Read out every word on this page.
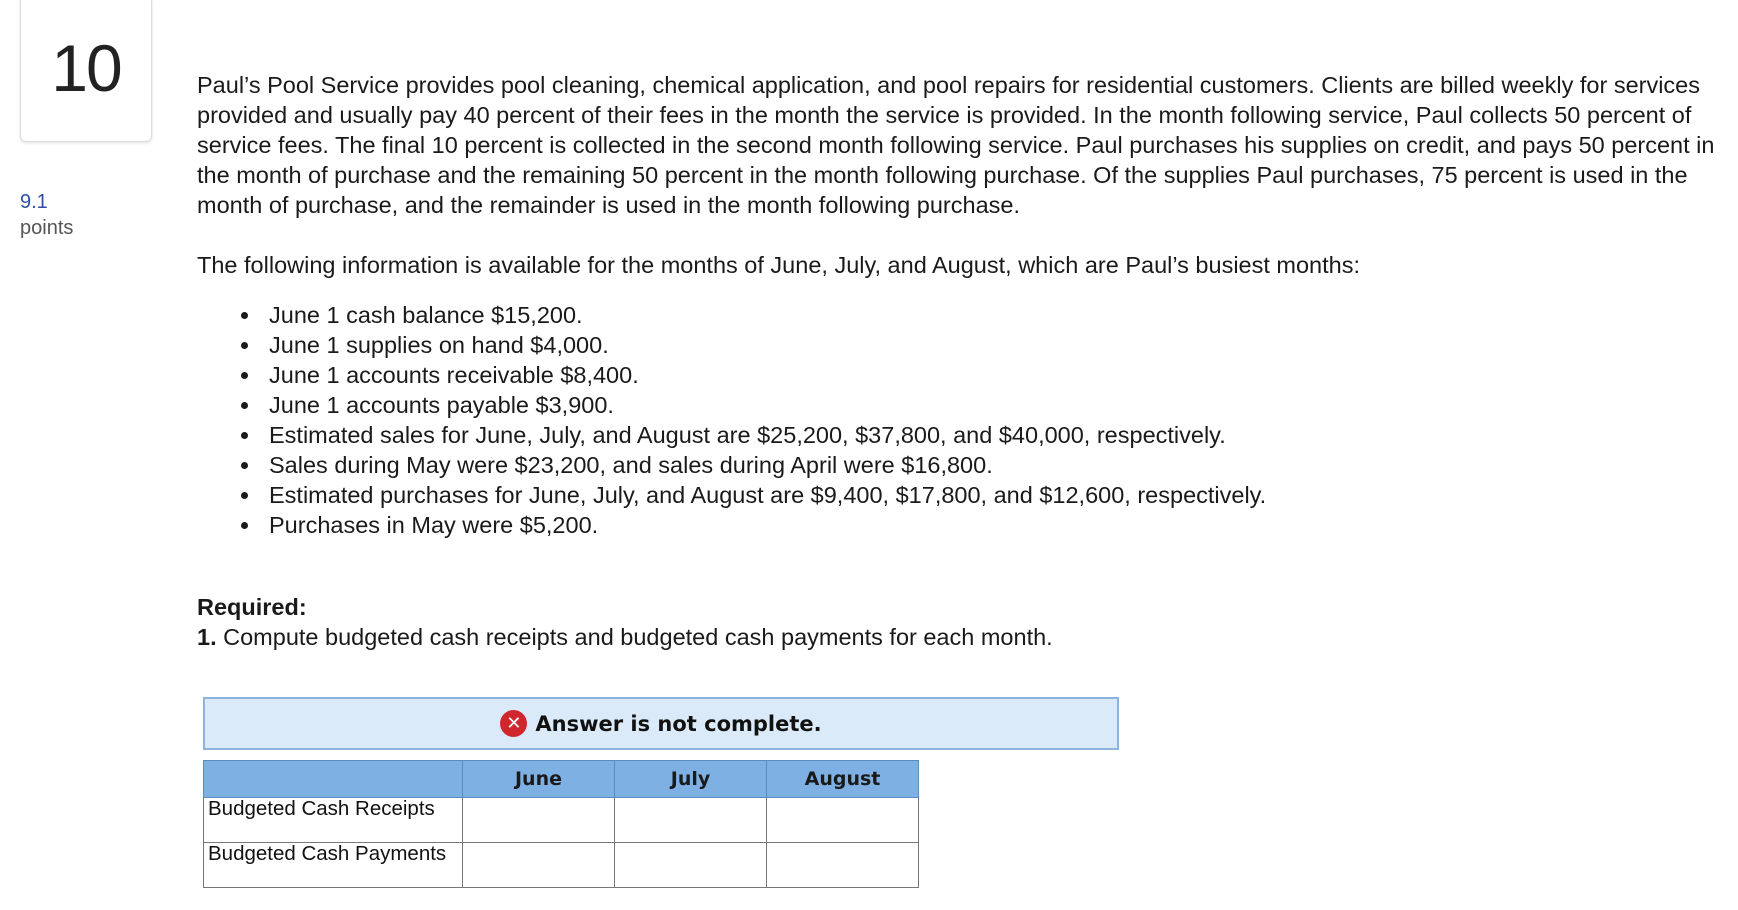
10
9.1
points

Paul’s Pool Service provides pool cleaning, chemical application, and pool repairs for residential customers. Clients are billed weekly for services provided and usually pay 40 percent of their fees in the month the service is provided. In the month following service, Paul collects 50 percent of service fees. The final 10 percent is collected in the second month following service. Paul purchases his supplies on credit, and pays 50 percent in the month of purchase and the remaining 50 percent in the month following purchase. Of the supplies Paul purchases, 75 percent is used in the month of purchase, and the remainder is used in the month following purchase.

The following information is available for the months of June, July, and August, which are Paul’s busiest months:

June 1 cash balance $15,200.
June 1 supplies on hand $4,000.
June 1 accounts receivable $8,400.
June 1 accounts payable $3,900.
Estimated sales for June, July, and August are $25,200, $37,800, and $40,000, respectively.
Sales during May were $23,200, and sales during April were $16,800.
Estimated purchases for June, July, and August are $9,400, $17,800, and $12,600, respectively.
Purchases in May were $5,200.

Required:

1. Compute budgeted cash receipts and budgeted cash payments for each month.

✕ Answer is not complete.
	June	July	August
Budgeted Cash Receipts			
Budgeted Cash Payments			
